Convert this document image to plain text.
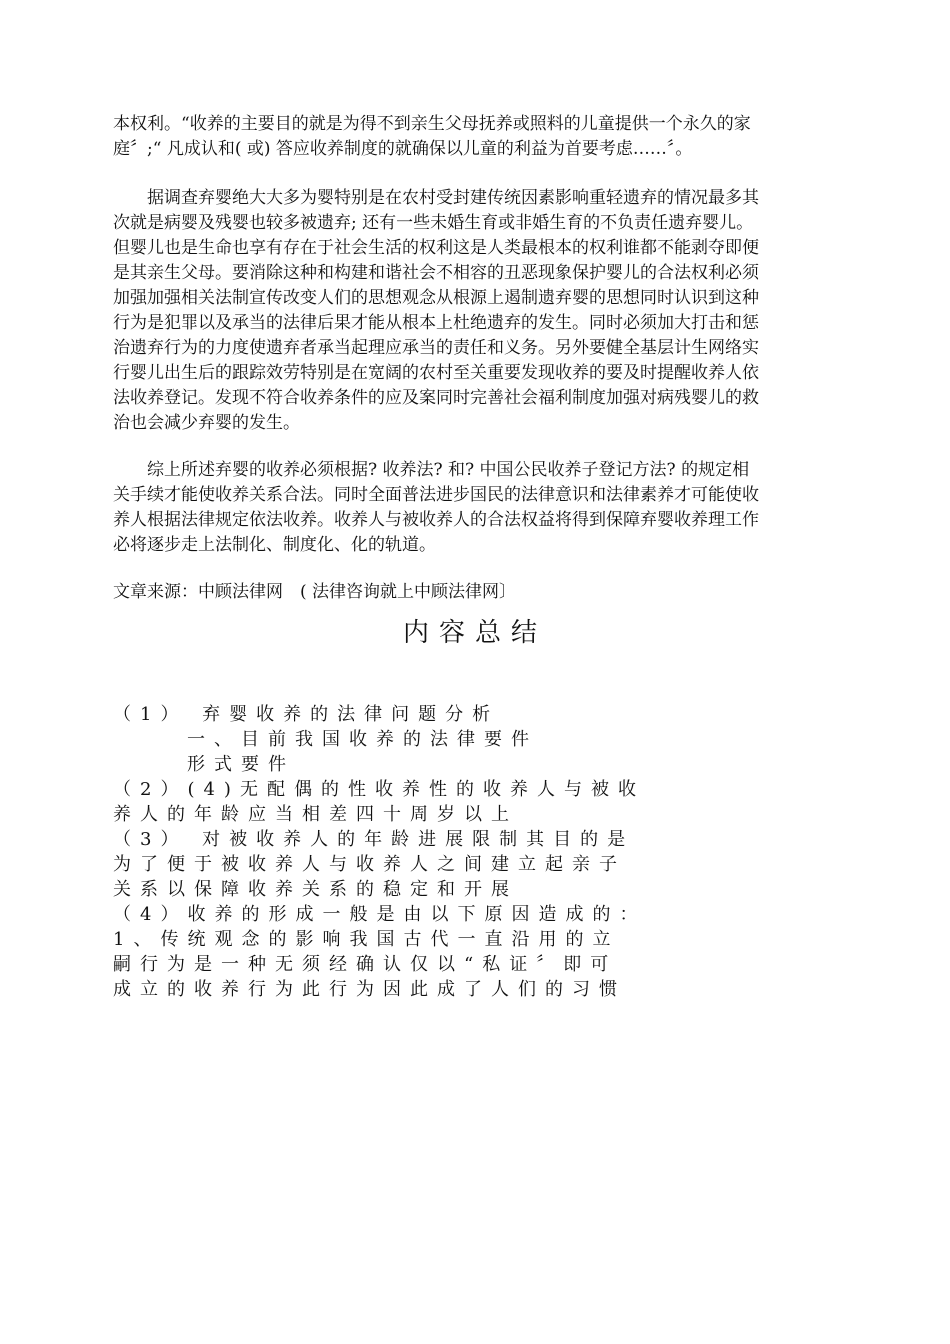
本权利。“收养的主要目的就是为得不到亲生父母抚养或照料的儿童提供一个永久的家
庭〞;“ 凡成认和( 或) 答应收养制度的就确保以儿童的利益为首要考虑……〞。
　　据调查弃婴绝大大多为婴特别是在农村受封建传统因素影响重轻遗弃的情况最多其
次就是病婴及残婴也较多被遗弃; 还有一些未婚生育或非婚生育的不负责任遗弃婴儿。
但婴儿也是生命也享有存在于社会生活的权利这是人类最根本的权利谁都不能剥夺即便
是其亲生父母。要消除这种和构建和谐社会不相容的丑恶现象保护婴儿的合法权利必须
加强加强相关法制宣传改变人们的思想观念从根源上遏制遗弃婴的思想同时认识到这种
行为是犯罪以及承当的法律后果才能从根本上杜绝遗弃的发生。同时必须加大打击和惩
治遗弃行为的力度使遗弃者承当起理应承当的责任和义务。另外要健全基层计生网络实
行婴儿出生后的跟踪效劳特别是在宽阔的农村至关重要发现收养的要及时提醒收养人依
法收养登记。发现不符合收养条件的应及案同时完善社会福利制度加强对病残婴儿的救
治也会减少弃婴的发生。
　　综上所述弃婴的收养必须根据? 收养法? 和? 中国公民收养子登记方法? 的规定相
关手续才能使收养关系合法。同时全面普法进步国民的法律意识和法律素养才可能使收
养人根据法律规定依法收养。收养人与被收养人的合法权益将得到保障弃婴收养理工作
必将逐步走上法制化、制度化、化的轨道。
文章来源：中顾法律网　( 法律咨询就上中顾法律网〕
内容总结
（1） 弃婴收养的法律问题分析
一、目前我国收养的法律要件
形式要件
（2）(4)无配偶的性收养性的收养人与被收
养人的年龄应当相差四十周岁以上
（3） 对被收养人的年龄进展限制其目的是
为了便于被收养人与收养人之间建立起亲子
关系以保障收养关系的稳定和开展
（4）收养的形成一般是由以下原因造成的：
1、传统观念的影响我国古代一直沿用的立
嗣行为是一种无须经确认仅以“私证〞即可
成立的收养行为此行为因此成了人们的习惯
